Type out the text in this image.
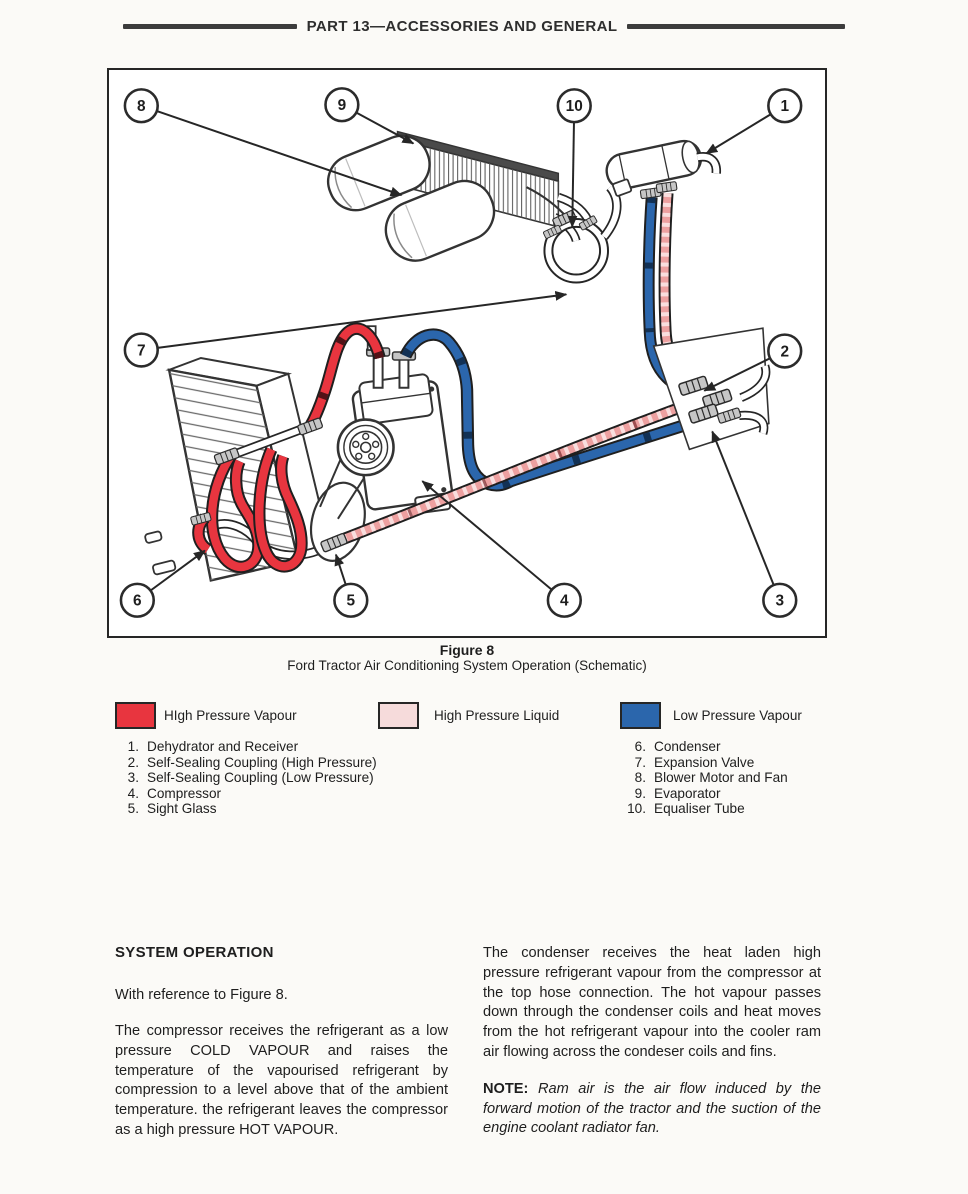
PART 13—ACCESSORIES AND GENERAL
1
2
3
4
5
6
7
8	9	10
Figure 8
Ford Tractor Air Conditioning System Operation (Schematic)
HIgh Pressure Vapour	High Pressure Liquid	Low Pressure Vapour
1. Dehydrator and Receiver
2. Self-Sealing Coupling (High Pressure)
3. Self-Sealing Coupling (Low Pressure)
4. Compressor
5. Sight Glass
6. Condenser
7. Expansion Valve
8. Blower Motor and Fan
9. Evaporator
10. Equaliser Tube
SYSTEM OPERATION

With reference to Figure 8.

The compressor receives the refrigerant as a low pressure COLD VAPOUR and raises the temperature of the vapourised refrigerant by compression to a level above that of the ambient temperature. the refrigerant leaves the compressor as a high pressure HOT VAPOUR.

The condenser receives the heat laden high pressure refrigerant vapour from the compressor at the top hose connection. The hot vapour passes down through the condenser coils and heat moves from the hot refrigerant vapour into the cooler ram air flowing across the condeser coils and fins.

NOTE: Ram air is the air flow induced by the forward motion of the tractor and the suction of the engine coolant radiator fan.
